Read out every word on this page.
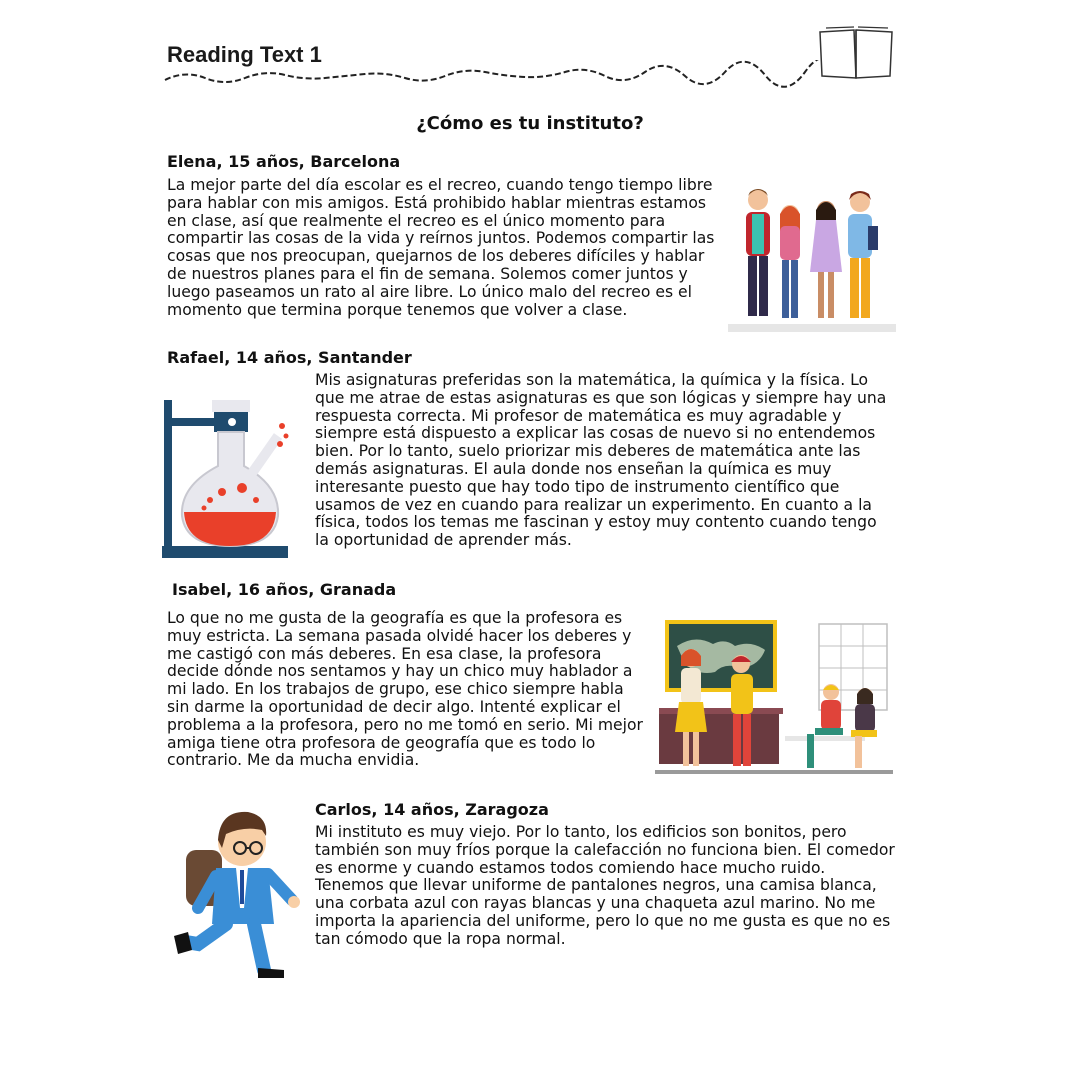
Reading Text 1
¿Cómo es tu instituto?
Elena, 15 años, Barcelona

La mejor parte del día escolar es el recreo, cuando tengo tiempo libre para hablar con mis amigos. Está prohibido hablar mientras estamos en clase, así que realmente el recreo es el único momento para compartir las cosas de la vida y reírnos juntos. Podemos compartir las cosas que nos preocupan, quejarnos de los deberes difíciles y hablar de nuestros planes para el fin de semana. Solemos comer juntos y luego paseamos un rato al aire libre. Lo único malo del recreo es el momento que termina porque tenemos que volver a clase.

Rafael, 14 años, Santander

Mis asignaturas preferidas son la matemática, la química y la física. Lo que me atrae de estas asignaturas es que son lógicas y siempre hay una respuesta correcta. Mi profesor de matemática es muy agradable y siempre está dispuesto a explicar las cosas de nuevo si no entendemos bien. Por lo tanto, suelo priorizar mis deberes de matemática ante las demás asignaturas. El aula donde nos enseñan la química es muy interesante puesto que hay todo tipo de instrumento científico que usamos de vez en cuando para realizar un experimento. En cuanto a la física, todos los temas me fascinan y estoy muy contento cuando tengo la oportunidad de aprender más.

Isabel, 16 años, Granada

Lo que no me gusta de la geografía es que la profesora es muy estricta. La semana pasada olvidé hacer los deberes y me castigó con más deberes. En esa clase, la profesora decide dónde nos sentamos y hay un chico muy hablador a mi lado. En los trabajos de grupo, ese chico siempre habla sin darme la oportunidad de decir algo. Intenté explicar el problema a la profesora, pero no me tomó en serio. Mi mejor amiga tiene otra profesora de geografía que es todo lo contrario. Me da mucha envidia.

Carlos, 14 años, Zaragoza

Mi instituto es muy viejo. Por lo tanto, los edificios son bonitos, pero también son muy fríos porque la calefacción no funciona bien. El comedor es enorme y cuando estamos todos comiendo hace mucho ruido. Tenemos que llevar uniforme de pantalones negros, una camisa blanca, una corbata azul con rayas blancas y una chaqueta azul marino. No me importa la apariencia del uniforme, pero lo que no me gusta es que no es tan cómodo que la ropa normal.
